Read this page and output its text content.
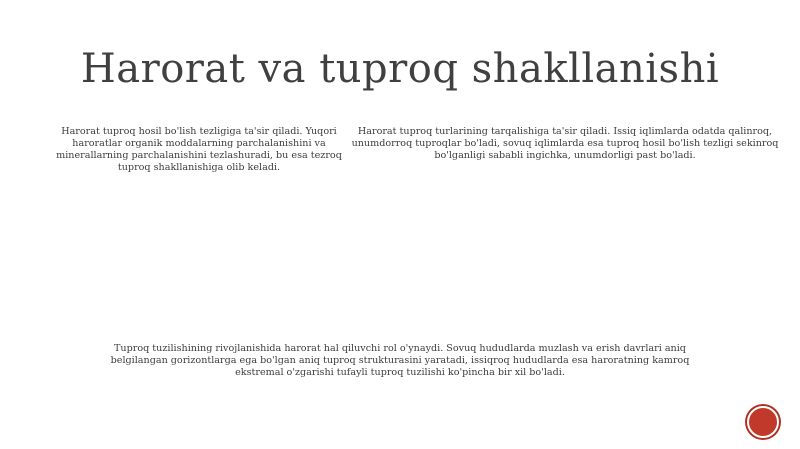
Harorat va tuproq shakllanishi

Harorat tuproq hosil bo'lish tezligiga ta'sir qiladi. Yuqori haroratlar organik moddalarning parchalanishini va minerallarning parchalanishini tezlashuradi, bu esa tezroq tuproq shakllanishiga olib keladi.

Harorat tuproq turlarining tarqalishiga ta'sir qiladi. Issiq iqlimlarda odatda qalinroq, unumdorroq tuproqlar bo'ladi, sovuq iqlimlarda esa tuproq hosil bo'lish tezligi sekinroq bo'lganligi sababli ingichka, unumdorligi past bo'ladi.

Tuproq tuzilishining rivojlanishida harorat hal qiluvchi rol o'ynaydi. Sovuq hududlarda muzlash va erish davrlari aniq belgilangan gorizontlarga ega bo'lgan aniq tuproq strukturasini yaratadi, issiqroq hududlarda esa haroratning kamroq ekstremal o'zgarishi tufayli tuproq tuzilishi ko'pincha bir xil bo'ladi.
